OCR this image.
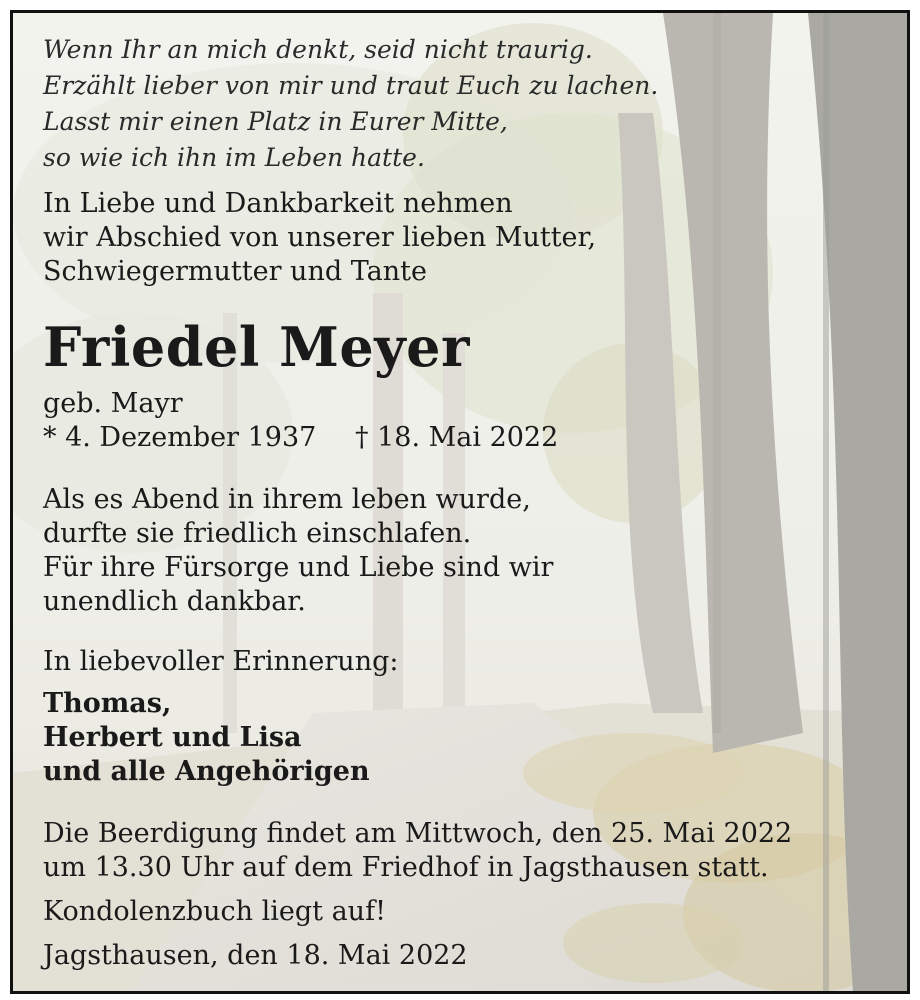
Wenn Ihr an mich denkt, seid nicht traurig.
Erzählt lieber von mir und traut Euch zu lachen.
Lasst mir einen Platz in Eurer Mitte,
so wie ich ihn im Leben hatte.
In Liebe und Dankbarkeit nehmen
wir Abschied von unserer lieben Mutter,
Schwiegermutter und Tante
Friedel Meyer
geb. Mayr
* 4. Dezember 1937 † 18. Mai 2022
Als es Abend in ihrem leben wurde,
durfte sie friedlich einschlafen.
Für ihre Fürsorge und Liebe sind wir
unendlich dankbar.
In liebevoller Erinnerung:
Thomas,
Herbert und Lisa
und alle Angehörigen
Die Beerdigung findet am Mittwoch, den 25. Mai 2022
um 13.30 Uhr auf dem Friedhof in Jagsthausen statt.
Kondolenzbuch liegt auf!
Jagsthausen, den 18. Mai 2022
